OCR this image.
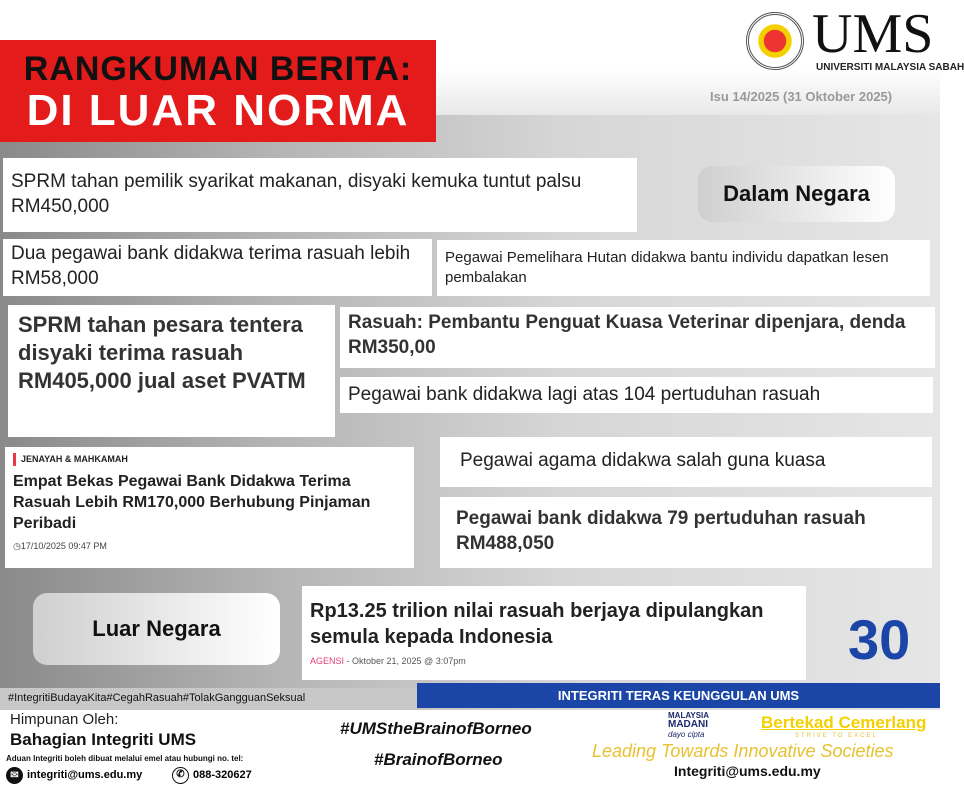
RANGKUMAN BERITA:
DI LUAR NORMA
UMS
UNIVERSITI MALAYSIA SABAH
Isu 14/2025 (31 Oktober 2025)
SPRM tahan pemilik syarikat makanan, disyaki kemuka tuntut palsu RM450,000
Dalam Negara
Dua pegawai bank didakwa terima rasuah lebih RM58,000
Pegawai Pemelihara Hutan didakwa bantu individu dapatkan lesen pembalakan
SPRM tahan pesara tentera disyaki terima rasuah RM405,000 jual aset PVATM
Rasuah: Pembantu Penguat Kuasa Veterinar dipenjara, denda RM350,00
Pegawai bank didakwa lagi atas 104 pertuduhan rasuah
JENAYAH & MAHKAMAH
Empat Bekas Pegawai Bank Didakwa Terima Rasuah Lebih RM170,000 Berhubung Pinjaman Peribadi
◷17/10/2025 09:47 PM
Pegawai agama didakwa salah guna kuasa
Pegawai bank didakwa 79 pertuduhan rasuah RM488,050
Luar Negara
Rp13.25 trilion nilai rasuah berjaya dipulangkan semula kepada Indonesia
AGENSI - Oktober 21, 2025 @ 3:07pm	30
#IntegritiBudayaKita#CegahRasuah#TolakGangguanSeksual	INTEGRITI TERAS KEUNGGULAN UMS
Himpunan Oleh:
Bahagian Integriti UMS
Aduan Integriti boleh dibuat melalui emel atau hubungi no. tel:
✉ integriti@ums.edu.my	✆ 088-320627
#UMStheBrainofBorneo
#BrainofBorneo
MALAYSIA
MADANI
dayo cipta
Bertekad Cemerlang
STRIVE TO EXCEL
Leading Towards Innovative Societies
Integriti@ums.edu.my
